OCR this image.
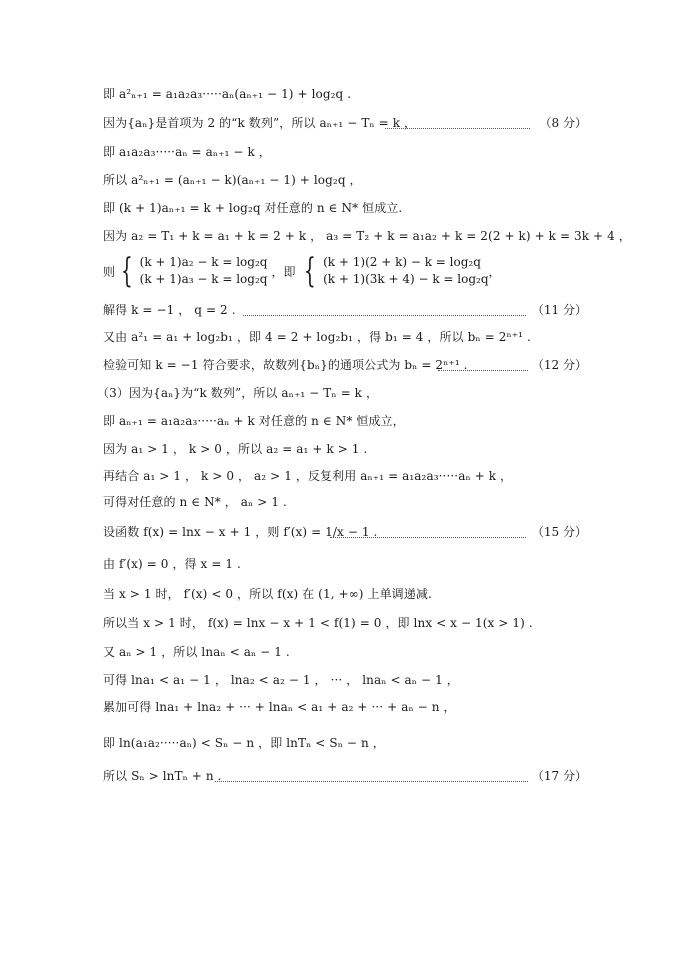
即 a²ₙ₊₁ = a₁a₂a₃·····aₙ(aₙ₊₁ − 1) + log₂q .
因为{aₙ}是首项为 2 的“k 数列”，所以 aₙ₊₁ − Tₙ = k ，	（8 分）
即 a₁a₂a₃·····aₙ = aₙ₊₁ − k ，
所以 a²ₙ₊₁ = (aₙ₊₁ − k)(aₙ₊₁ − 1) + log₂q ，
即 (k + 1)aₙ₊₁ = k + log₂q 对任意的 n ∈ N* 恒成立.
因为 a₂ = T₁ + k = a₁ + k = 2 + k ， a₃ = T₂ + k = a₁a₂ + k = 2(2 + k) + k = 3k + 4 ，
则 { (k + 1)a₂ − k = log₂q
(k + 1)a₃ − k = log₂q
，即 { (k + 1)(2 + k) − k = log₂q
(k + 1)(3k + 4) − k = log₂q
，
解得 k = −1 ， q = 2 .	（11 分）
又由 a²₁ = a₁ + log₂b₁ ，即 4 = 2 + log₂b₁ ，得 b₁ = 4 ，所以 bₙ = 2ⁿ⁺¹ .
检验可知 k = −1 符合要求，故数列{bₙ}的通项公式为 bₙ = 2ⁿ⁺¹ .	（12 分）
（3）因为{aₙ}为“k 数列”，所以 aₙ₊₁ − Tₙ = k ，
即 aₙ₊₁ = a₁a₂a₃·····aₙ + k 对任意的 n ∈ N* 恒成立，
因为 a₁ > 1 ， k > 0 ，所以 a₂ = a₁ + k > 1 .
再结合 a₁ > 1 ， k > 0 ， a₂ > 1 ，反复利用 aₙ₊₁ = a₁a₂a₃·····aₙ + k ，
可得对任意的 n ∈ N* ， aₙ > 1 .
设函数 f(x) = lnx − x + 1 ，则 f′(x) = 1/x − 1 .	（15 分）
由 f′(x) = 0 ，得 x = 1 .
当 x > 1 时， f′(x) < 0 ，所以 f(x) 在 (1, +∞) 上单调递减.
所以当 x > 1 时， f(x) = lnx − x + 1 < f(1) = 0 ，即 lnx < x − 1(x > 1) .
又 aₙ > 1 ，所以 lnaₙ < aₙ − 1 .
可得 lna₁ < a₁ − 1 ， lna₂ < a₂ − 1 ， ··· ， lnaₙ < aₙ − 1 ，
累加可得 lna₁ + lna₂ + ··· + lnaₙ < a₁ + a₂ + ··· + aₙ − n ，
即 ln(a₁a₂·····aₙ) < Sₙ − n ，即 lnTₙ < Sₙ − n ，
所以 Sₙ > lnTₙ + n .	（17 分）
